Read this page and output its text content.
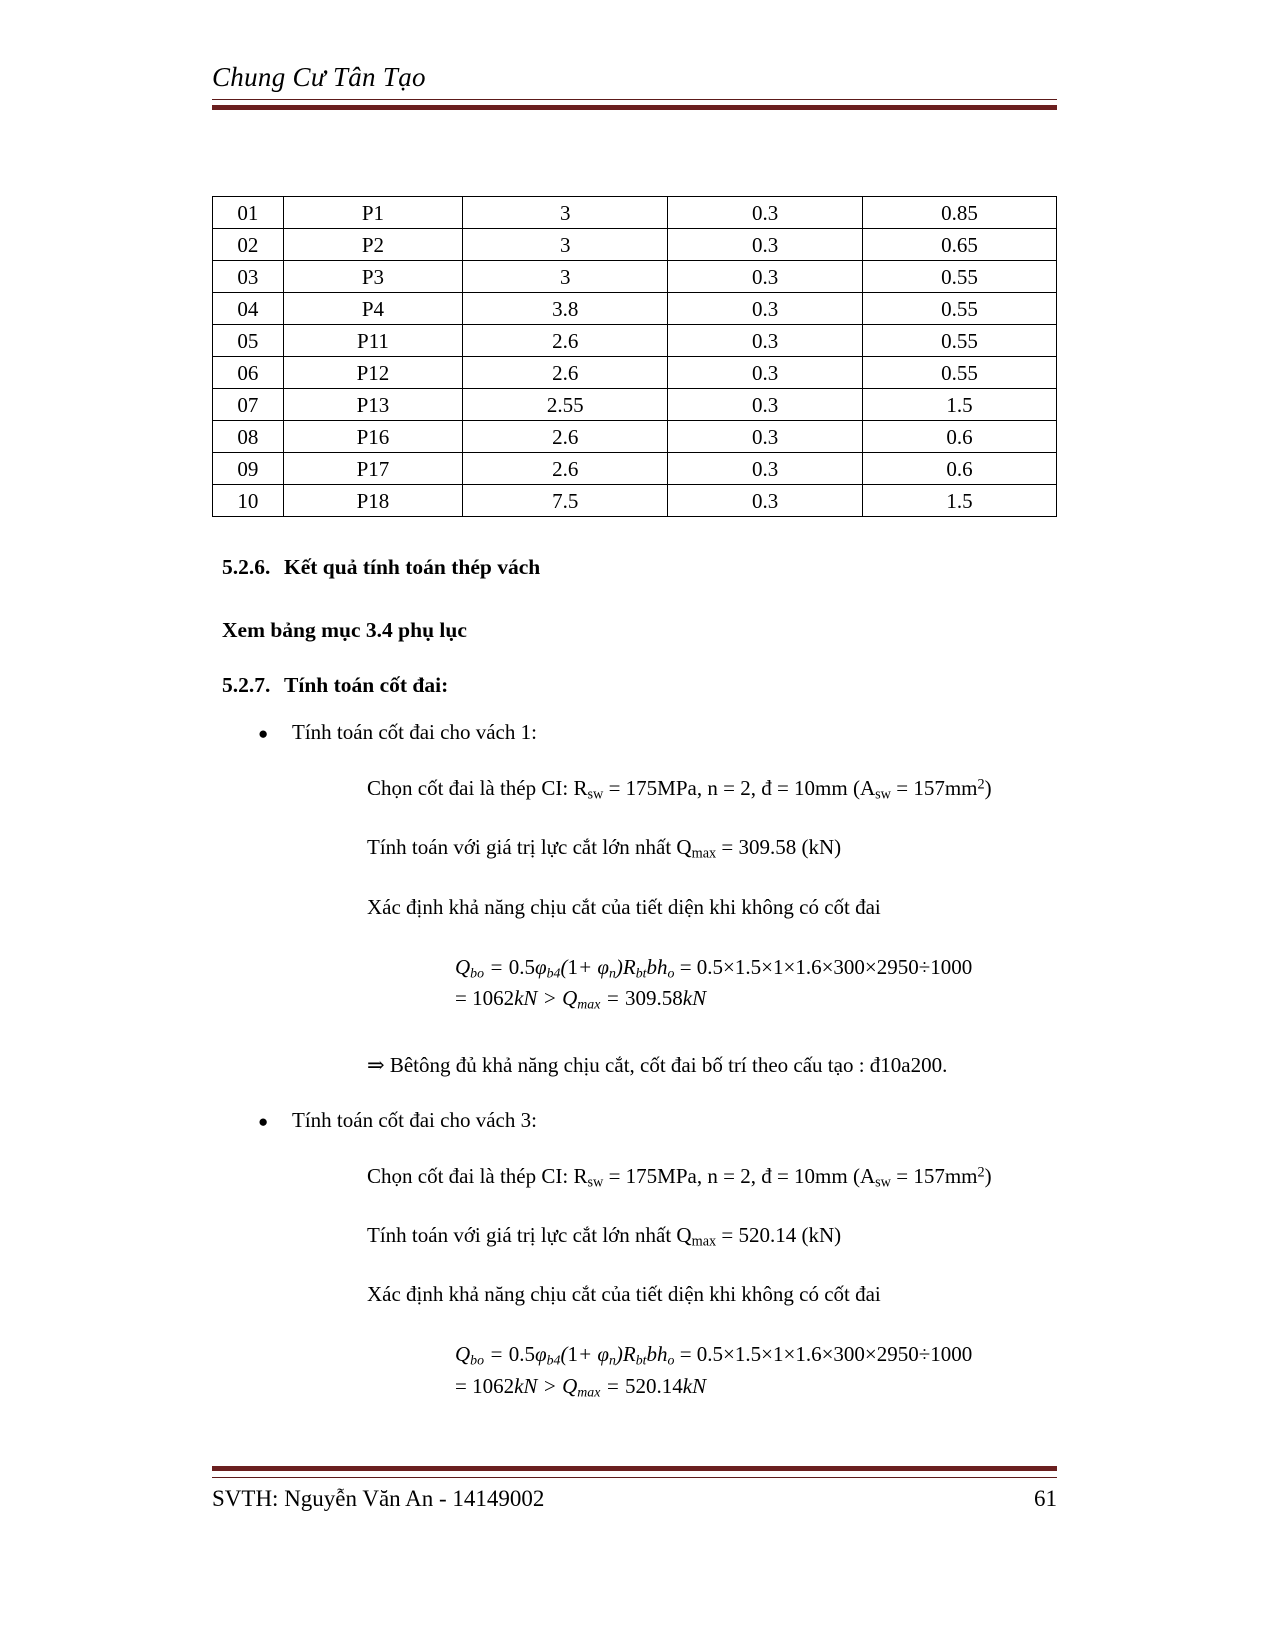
Chung Cư Tân Tạo
01	P1	3	0.3	0.85
02	P2	3	0.3	0.65
03	P3	3	0.3	0.55
04	P4	3.8	0.3	0.55
05	P11	2.6	0.3	0.55
06	P12	2.6	0.3	0.55
07	P13	2.55	0.3	1.5
08	P16	2.6	0.3	0.6
09	P17	2.6	0.3	0.6
10	P18	7.5	0.3	1.5
5.2.6. Kết quả tính toán thép vách
Xem bảng mục 3.4 phụ lục
5.2.7. Tính toán cốt đai:
●	Tính toán cốt đai cho vách 1:
Chọn cốt đai là thép CI: $R_{sw} = 175MPa$, n = 2, đ = 10mm $(A_{sw} = 157mm^2)$
Tính toán với giá trị lực cắt lớn nhất $Q_{max} = 309.58$ (kN)
Xác định khả năng chịu cắt của tiết diện khi không có cốt đai
$Q_{bo} = 0.5\varphi_{b4}(1+ \varphi_n)R_{bt}bh_o = 0.5\times 1.5\times 1\times 1.6\times 300\times 2950\div 1000$
= $1062kN > Q_{max} = 309.58kN$
⇒ Bêtông đủ khả năng chịu cắt, cốt đai bố trí theo cấu tạo : đ10a200.
●	Tính toán cốt đai cho vách 3:
Chọn cốt đai là thép CI: $R_{sw} = 175MPa$, n = 2, đ = 10mm $(A_{sw} = 157mm^2)$
Tính toán với giá trị lực cắt lớn nhất $Q_{max} = 520.14$ (kN)
Xác định khả năng chịu cắt của tiết diện khi không có cốt đai
$Q_{bo} = 0.5\varphi_{b4}(1+ \varphi_n)R_{bt}bh_o = 0.5\times 1.5\times 1\times 1.6\times 300\times 2950\div 1000$
= $1062kN > Q_{max} = 520.14kN$
SVTH: Nguyễn Văn An - 14149002	61
